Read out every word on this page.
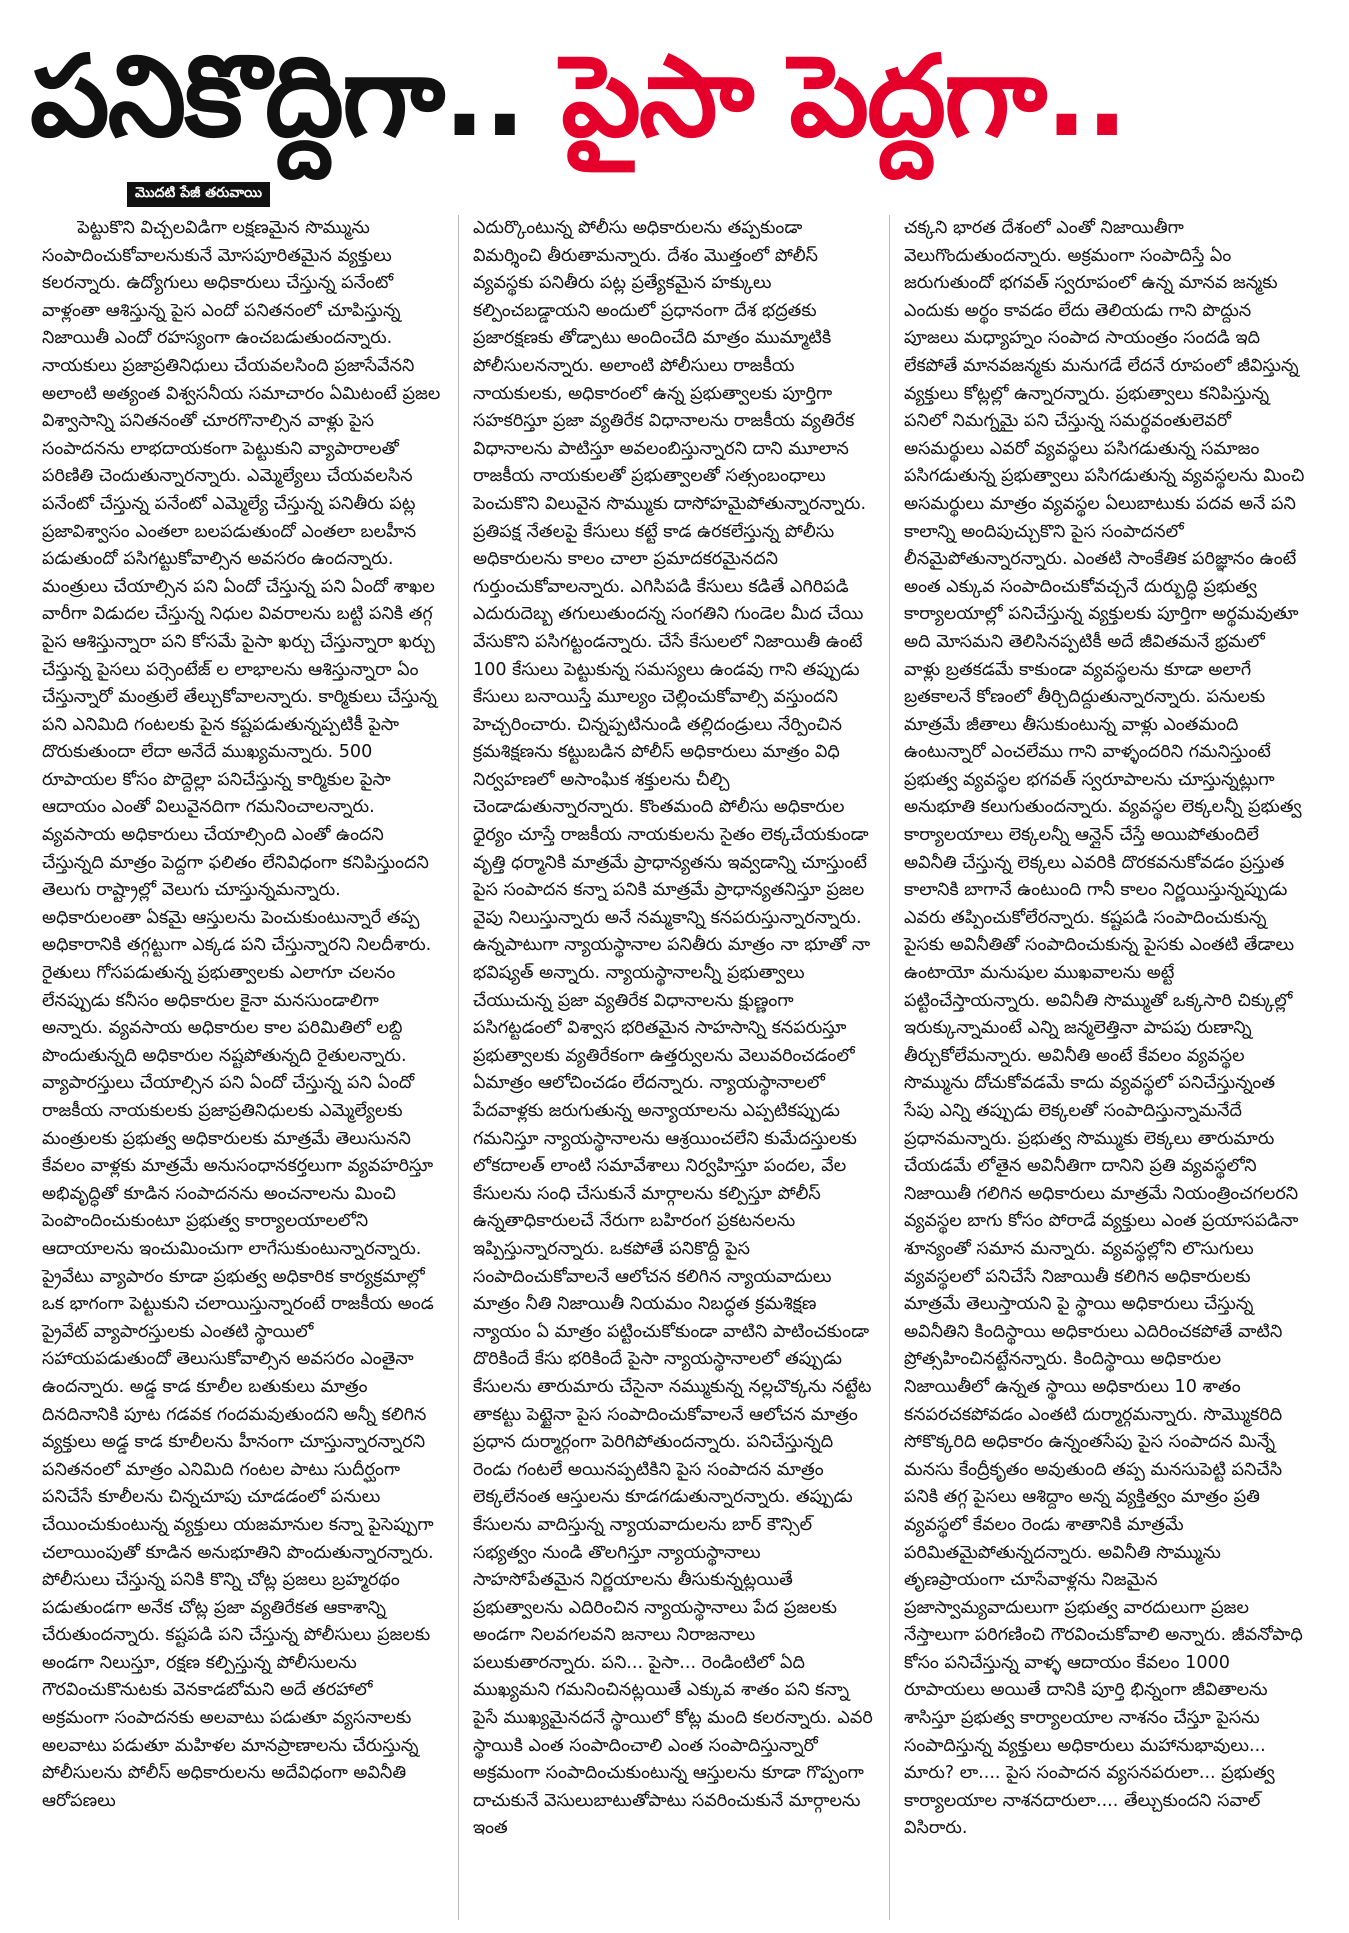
పనికొద్దిగా.. పైసా పెద్దగా..
మొదటి పేజీ తరువాయి

పెట్టుకొని విచ్చలవిడిగా లక్షణమైన సొమ్మును సంపాదించుకోవాలనుకునే మోసపూరితమైన వ్యక్తులు కలరన్నారు. ఉద్యోగులు అధికారులు చేస్తున్న పనేంటో వాళ్లంతా ఆశిస్తున్న పైస ఎందో పనితనంలో చూపిస్తున్న నిజాయితీ ఎందో రహస్యంగా ఉంచబడుతుందన్నారు. నాయకులు ప్రజాప్రతినిధులు చేయవలసింది ప్రజాసేవేనని అలాంటి అత్యంత విశ్వసనీయ సమాచారం ఏమిటంటే ప్రజల విశ్వాసాన్ని పనితనంతో చూరగొనాల్సిన వాళ్లు పైస సంపాదనను లాభదాయకంగా పెట్టుకుని వ్యాపారాలతో పరిణితి చెందుతున్నారన్నారు. ఎమ్మెల్యేలు చేయవలసిన పనేంటో చేస్తున్న పనేంటో ఎమ్మెల్యే చేస్తున్న పనితీరు పట్ల ప్రజావిశ్వాసం ఎంతలా బలపడుతుందో ఎంతలా బలహీన పడుతుందో పసిగట్టుకోవాల్సిన అవసరం ఉందన్నారు. మంత్రులు చేయాల్సిన పని ఏందో చేస్తున్న పని ఏందో శాఖల వారీగా విడుదల చేస్తున్న నిధుల వివరాలను బట్టి పనికి తగ్గ పైస ఆశిస్తున్నారా పని కోసమే పైసా ఖర్చు చేస్తున్నారా ఖర్చు చేస్తున్న పైసలు పర్సెంటేజ్ ల లాభాలను ఆశిస్తున్నారా ఏం చేస్తున్నారో మంత్రులే తేల్చుకోవాలన్నారు. కార్మికులు చేస్తున్న పని ఎనిమిది గంటలకు పైన కష్టపడుతున్నప్పటికీ పైసా దొరుకుతుందా లేదా అనేదే ముఖ్యమన్నారు. 500 రూపాయల కోసం పొద్దెల్లా పనిచేస్తున్న కార్మికుల పైసా ఆదాయం ఎంతో విలువైనదిగా గమనించాలన్నారు. వ్యవసాయ అధికారులు చేయాల్సింది ఎంతో ఉందని చేస్తున్నది మాత్రం పెద్దగా ఫలితం లేనివిధంగా కనిపిస్తుందని తెలుగు రాష్ట్రాల్లో వెలుగు చూస్తున్నమన్నారు. అధికారులంతా ఏకమై ఆస్తులను పెంచుకుంటున్నారే తప్ప అధికారానికి తగ్గట్టుగా ఎక్కడ పని చేస్తున్నారని నిలదీశారు. రైతులు గోసపడుతున్న ప్రభుత్వాలకు ఎలాగూ చలనం లేనప్పుడు కనీసం అధికారుల కైనా మనసుండాలిగా అన్నారు. వ్యవసాయ అధికారుల కాల పరిమితిలో లబ్ది పొందుతున్నది అధికారుల నష్టపోతున్నది రైతులన్నారు. వ్యాపారస్తులు చేయాల్సిన పని ఏందో చేస్తున్న పని ఏందో రాజకీయ నాయకులకు ప్రజాప్రతినిధులకు ఎమ్మెల్యేలకు మంత్రులకు ప్రభుత్వ అధికారులకు మాత్రమే తెలుసునని కేవలం వాళ్లకు మాత్రమే అనుసంధానకర్తలుగా వ్యవహరిస్తూ అభివృద్ధితో కూడిన సంపాదనను అంచనాలను మించి పెంపొందించుకుంటూ ప్రభుత్వ కార్యాలయాలలోని ఆదాయాలను ఇంచుమించుగా లాగేసుకుంటున్నారన్నారు. ప్రైవేటు వ్యాపారం కూడా ప్రభుత్వ అధికారిక కార్యక్రమాల్లో ఒక భాగంగా పెట్టుకుని చలాయిస్తున్నారంటే రాజకీయ అండ ప్రైవేట్ వ్యాపారస్తులకు ఎంతటి స్థాయిలో సహాయపడుతుందో తెలుసుకోవాల్సిన అవసరం ఎంతైనా ఉందన్నారు. అడ్డ కాడ కూలీల బతుకులు మాత్రం దినదినానికి పూట గడవక గందమవుతుందని అన్నీ కలిగిన వ్యక్తులు అడ్డ కాడ కూలీలను హీనంగా చూస్తున్నారన్నారని పనితనంలో మాత్రం ఎనిమిది గంటల పాటు సుదీర్ఘంగా పనిచేసే కూలీలను చిన్నచూపు చూడడంలో పనులు చేయించుకుంటున్న వ్యక్తులు యజమానుల కన్నా పైసెప్పుగా చలాయింపుతో కూడిన అనుభూతిని పొందుతున్నారన్నారు. పోలీసులు చేస్తున్న పనికి కొన్ని చోట్ల ప్రజలు బ్రహ్మరథం పడుతుండగా అనేక చోట్ల ప్రజా వ్యతిరేకత ఆకాశాన్ని చేరుతుందన్నారు. కష్టపడి పని చేస్తున్న పోలీసులు ప్రజలకు అండగా నిలుస్తూ, రక్షణ కల్పిస్తున్న పోలీసులను గౌరవించుకొనుటకు వెనకాడబోమని అదే తరహాలో అక్రమంగా సంపాదనకు అలవాటు పడుతూ వ్యసనాలకు అలవాటు పడుతూ మహిళల మానప్రాణాలను చేరుస్తున్న పోలీసులను పోలీస్ అధికారులను అదేవిధంగా అవినీతి ఆరోపణలు

ఎదుర్కొంటున్న పోలీసు అధికారులను తప్పకుండా విమర్శించి తీరుతామన్నారు. దేశం మొత్తంలో పోలీస్ వ్యవస్థకు పనితీరు పట్ల ప్రత్యేకమైన హక్కులు కల్పించబడ్డాయని అందులో ప్రధానంగా దేశ భద్రతకు ప్రజారక్షణకు తోడ్పాటు అందించేది మాత్రం ముమ్మాటికి పోలీసులనన్నారు. అలాంటి పోలీసులు రాజకీయ నాయకులకు, అధికారంలో ఉన్న ప్రభుత్వాలకు పూర్తిగా సహకరిస్తూ ప్రజా వ్యతిరేక విధానాలను రాజకీయ వ్యతిరేక విధానాలను పాటిస్తూ అవలంబిస్తున్నారని దాని మూలాన రాజకీయ నాయకులతో ప్రభుత్వాలతో సత్సంబంధాలు పెంచుకొని విలువైన సొమ్ముకు దాసోహమైపోతున్నారన్నారు. ప్రతిపక్ష నేతలపై కేసులు కట్టే కాడ ఉరకలేస్తున్న పోలీసు అధికారులను కాలం చాలా ప్రమాదకరమైనదని గుర్తుంచుకోవాలన్నారు. ఎగిసిపడి కేసులు కడితే ఎగిరిపడి ఎదురుదెబ్బ తగులుతుందన్న సంగతిని గుండెల మీద చేయి వేసుకొని పసిగట్టండన్నారు. చేసే కేసులలో నిజాయితీ ఉంటే 100 కేసులు పెట్టుకున్న సమస్యలు ఉండవు గాని తప్పుడు కేసులు బనాయిస్తే మూల్యం చెల్లించుకోవాల్సి వస్తుందని హెచ్చరించారు. చిన్నప్పటినుండి తల్లిదండ్రులు నేర్పించిన క్రమశిక్షణను కట్టుబడిన పోలీస్ అధికారులు మాత్రం విధి నిర్వహణలో అసాంఘిక శక్తులను చీల్చి చెండాడుతున్నారన్నారు. కొంతమంది పోలీసు అధికారుల ధైర్యం చూస్తే రాజకీయ నాయకులను సైతం లెక్కచేయకుండా వృత్తి ధర్మానికి మాత్రమే ప్రాధాన్యతను ఇవ్వడాన్ని చూస్తుంటే పైస సంపాదన కన్నా పనికి మాత్రమే ప్రాధాన్యతనిస్తూ ప్రజల వైపు నిలుస్తున్నారు అనే నమ్మకాన్ని కనపరుస్తున్నారన్నారు. ఉన్నపాటుగా న్యాయస్థానాల పనితీరు మాత్రం నా భూతో నా భవిష్యత్ అన్నారు. న్యాయస్థానాలన్నీ ప్రభుత్వాలు చేయుచున్న ప్రజా వ్యతిరేక విధానాలను క్షుణ్ణంగా పసిగట్టడంలో విశ్వాస భరితమైన సాహసాన్ని కనపరుస్తూ ప్రభుత్వాలకు వ్యతిరేకంగా ఉత్తర్వులను వెలువరించడంలో ఏమాత్రం ఆలోచించడం లేదన్నారు. న్యాయస్థానాలలో పేదవాళ్లకు జరుగుతున్న అన్యాయాలను ఎప్పటికప్పుడు గమనిస్తూ న్యాయస్థానాలను ఆశ్రయించలేని కుమేదస్తులకు లోకదాలత్ లాంటి సమావేశాలు నిర్వహిస్తూ పందల, వేల కేసులను సంధి చేసుకునే మార్గాలను కల్పిస్తూ పోలీస్ ఉన్నతాధికారులచే నేరుగా బహిరంగ ప్రకటనలను ఇప్పిస్తున్నారన్నారు. ఒకపోతే పనికొద్దీ పైస సంపాదించుకోవాలనే ఆలోచన కలిగిన న్యాయవాదులు మాత్రం నీతి నిజాయితీ నియమం నిబద్ధత క్రమశిక్షణ న్యాయం ఏ మాత్రం పట్టించుకోకుండా వాటిని పాటించకుండా దొరికిందే కేసు భరికిందే పైసా న్యాయస్థానాలలో తప్పుడు కేసులను తారుమారు చేసైనా నమ్ముకున్న నల్లచొక్కను నట్టేట తాకట్టు పెట్టైనా పైస సంపాదించుకోవాలనే ఆలోచన మాత్రం ప్రధాన దుర్మార్గంగా పెరిగిపోతుందన్నారు. పనిచేస్తున్నది రెండు గంటలే అయినప్పటికిని పైస సంపాదన మాత్రం లెక్కలేనంత ఆస్తులను కూడగడుతున్నారన్నారు. తప్పుడు కేసులను వాదిస్తున్న న్యాయవాదులను బార్ కౌన్సిల్ సభ్యత్వం నుండి తొలగిస్తూ న్యాయస్థానాలు సాహసోపేతమైన నిర్ణయాలను తీసుకున్నట్లయితే ప్రభుత్వాలను ఎదిరించిన న్యాయస్థానాలు పేద ప్రజలకు అండగా నిలవగలవని జనాలు నిరాజనాలు పలుకుతారన్నారు. పని... పైసా... రెండింటిలో ఏది ముఖ్యమని గమనించినట్లయితే ఎక్కువ శాతం పని కన్నా పైసే ముఖ్యమైనదనే స్థాయిలో కోట్ల మంది కలరన్నారు. ఎవరి స్థాయికి ఎంత సంపాదించాలి ఎంత సంపాదిస్తున్నారో అక్రమంగా సంపాదించుకుంటున్న ఆస్తులను కూడా గొప్పంగా దాచుకునే వెసులుబాటుతోపాటు సవరించుకునే మార్గాలను ఇంత

చక్కని భారత దేశంలో ఎంతో నిజాయితీగా వెలుగొందుతుందన్నారు. అక్రమంగా సంపాదిస్తే ఏం జరుగుతుందో భగవత్ స్వరూపంలో ఉన్న మానవ జన్మకు ఎందుకు అర్థం కావడం లేదు తెలియడు గాని పొద్దున పూజలు మధ్యాహ్నం సంపాద సాయంత్రం సందడి ఇది లేకపోతే మానవజన్మకు మనుగడే లేదనే రూపంలో జీవిస్తున్న వ్యక్తులు కోట్లల్లో ఉన్నారన్నారు. ప్రభుత్వాలు కనిపిస్తున్న పనిలో నిమగ్నమై పని చేస్తున్న సమర్థవంతులెవరో అసమర్థులు ఎవరో వ్యవస్థలు పసిగడుతున్న సమాజం పసిగడుతున్న ప్రభుత్వాలు పసిగడుతున్న వ్యవస్థలను మించి అసమర్థులు మాత్రం వ్యవస్థల ఏలుబాటుకు పదవ అనే పని కాలాన్ని అందిపుచ్చుకొని పైస సంపాదనలో లీనమైపోతున్నారన్నారు. ఎంతటి సాంకేతిక పరిజ్ఞానం ఉంటే అంత ఎక్కువ సంపాదించుకోవచ్చనే దుర్బుద్ధి ప్రభుత్వ కార్యాలయాల్లో పనిచేస్తున్న వ్యక్తులకు పూర్తిగా అర్థమవుతూ అది మోసమని తెలిసినప్పటికీ అదే జీవితమనే భ్రమలో వాళ్లు బ్రతకడమే కాకుండా వ్యవస్థలను కూడా అలాగే బ్రతకాలనే కోణంలో తీర్చిదిద్దుతున్నారన్నారు. పనులకు మాత్రమే జీతాలు తీసుకుంటున్న వాళ్లు ఎంతమంది ఉంటున్నారో ఎంచలేము గాని వాళ్ళందరిని గమనిస్తుంటే ప్రభుత్వ వ్యవస్థల భగవత్ స్వరూపాలను చూస్తున్నట్లుగా అనుభూతి కలుగుతుందన్నారు. వ్యవస్థల లెక్కలన్నీ ప్రభుత్వ కార్యాలయాలు లెక్కలన్నీ ఆన్లైన్ చేస్తే అయిపోతుందిలే అవినీతి చేస్తున్న లెక్కలు ఎవరికి దొరకవనుకోవడం ప్రస్తుత కాలానికి బాగానే ఉంటుంది గానీ కాలం నిర్ణయిస్తున్నప్పుడు ఎవరు తప్పించుకోలేరన్నారు. కష్టపడి సంపాదించుకున్న పైసకు అవినీతితో సంపాదించుకున్న పైసకు ఎంతటి తేడాలు ఉంటాయో మనుషుల ముఖవాలను అట్టే పట్టించేస్తాయన్నారు. అవినీతి సొమ్ముతో ఒక్కసారి చిక్కుల్లో ఇరుక్కున్నామంటే ఎన్ని జన్మలెత్తినా పాపపు రుణాన్ని తీర్చుకోలేమన్నారు. అవినీతి అంటే కేవలం వ్యవస్థల సొమ్మును దోచుకోవడమే కాదు వ్యవస్థలో పనిచేస్తున్నంత సేపు ఎన్ని తప్పుడు లెక్కలతో సంపాదిస్తున్నామనేదే ప్రధానమన్నారు. ప్రభుత్వ సొమ్ముకు లెక్కలు తారుమారు చేయడమే లోతైన అవినీతిగా దానిని ప్రతి వ్యవస్థలోని నిజాయితీ గలిగిన అధికారులు మాత్రమే నియంత్రించగలరని వ్యవస్థల బాగు కోసం పోరాడే వ్యక్తులు ఎంత ప్రయాసపడినా శూన్యంతో సమాన మన్నారు. వ్యవస్థల్లోని లొసుగులు వ్యవస్థలలో పనిచేసే నిజాయితీ కలిగిన అధికారులకు మాత్రమే తెలుస్తాయని పై స్థాయి అధికారులు చేస్తున్న అవినీతిని కిందిస్థాయి అధికారులు ఎదిరించకపోతే వాటిని ప్రోత్సహించినట్టేనన్నారు. కిందిస్థాయి అధికారుల నిజాయితీలో ఉన్నత స్థాయి అధికారులు 10 శాతం కనపరచకపోవడం ఎంతటి దుర్మార్గమన్నారు. సొమ్మొకరిది సోకొక్కరిది అధికారం ఉన్నంతసేపు పైస సంపాదన మిన్నే మనసు కేంద్రీకృతం అవుతుంది తప్ప మనసుపెట్టి పనిచేసి పనికి తగ్గ పైసలు ఆశిద్దాం అన్న వ్యక్తిత్వం మాత్రం ప్రతి వ్యవస్థలో కేవలం రెండు శాతానికి మాత్రమే పరిమితమైపోతున్నదన్నారు. అవినీతి సొమ్మును తృణప్రాయంగా చూసేవాళ్లను నిజమైన ప్రజాస్వామ్యవాదులుగా ప్రభుత్వ వారదులుగా ప్రజల నేస్తాలుగా పరిగణించి గౌరవించుకోవాలి అన్నారు. జీవనోపాధి కోసం పనిచేస్తున్న వాళ్ళ ఆదాయం కేవలం 1000 రూపాయలు అయితే దానికి పూర్తి భిన్నంగా జీవితాలను శాసిస్తూ ప్రభుత్వ కార్యాలయాల నాశనం చేస్తూ పైసను సంపాదిస్తున్న వ్యక్తులు అధికారులు మహానుభావులు... మారు? లా.... పైస సంపాదన వ్యసనపరులా... ప్రభుత్వ కార్యాలయాల నాశనదారులా.... తేల్చుకుందని సవాల్ విసిరారు.
